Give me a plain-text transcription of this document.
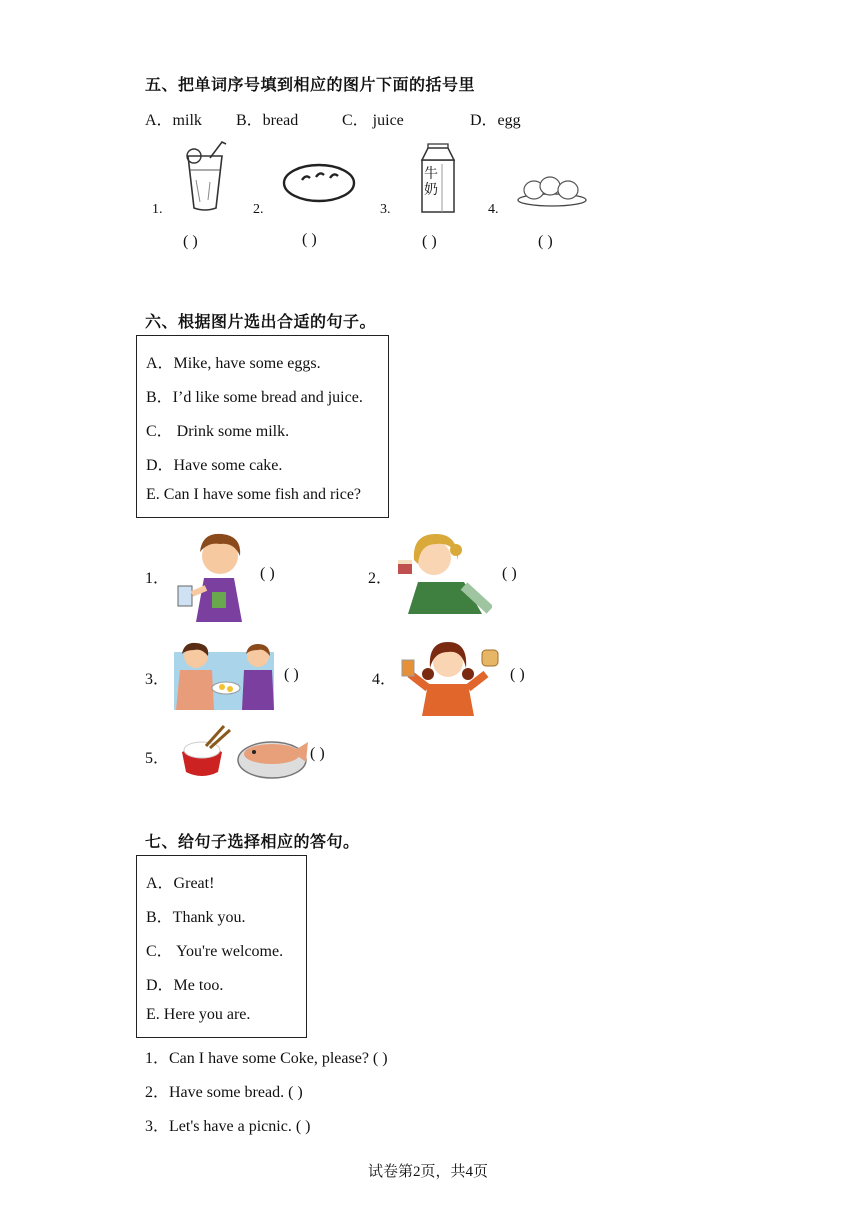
五、把单词序号填到相应的图片下面的括号里
A．milk B．bread	C． juice	D．egg
1.
( )
2.
( )
3.
牛奶
( )
4.
( )
六、根据图片选出合适的句子。
A．Mike, have some eggs.
B．I’d like some bread and juice.
C． Drink some milk.
D．Have some cake.
E. Can I have some fish and rice?
1．	( )	2．	( )
3．	( )	4．	( )
5．	( )
七、给句子选择相应的答句。
A．Great!
B．Thank you.
C． You're welcome.
D．Me too.
E. Here you are.
1．Can I have some Coke, please? ( )
2．Have some bread. ( )
3．Let's have a picnic. ( )
试卷第2页，共4页
